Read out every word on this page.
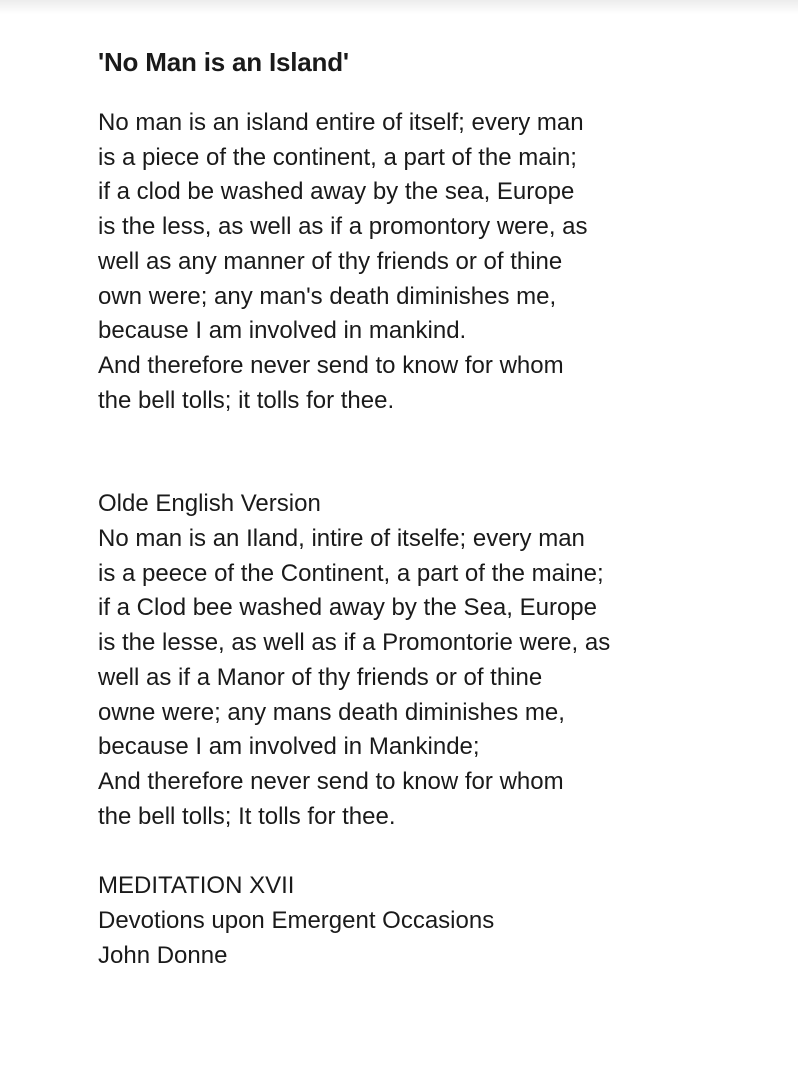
'No Man is an Island'
No man is an island entire of itself; every man
is a piece of the continent, a part of the main;
if a clod be washed away by the sea, Europe
is the less, as well as if a promontory were, as
well as any manner of thy friends or of thine
own were; any man's death diminishes me,
because I am involved in mankind.
And therefore never send to know for whom
the bell tolls; it tolls for thee.
Olde English Version
No man is an Iland, intire of itselfe; every man
is a peece of the Continent, a part of the maine;
if a Clod bee washed away by the Sea, Europe
is the lesse, as well as if a Promontorie were, as
well as if a Manor of thy friends or of thine
owne were; any mans death diminishes me,
because I am involved in Mankinde;
And therefore never send to know for whom
the bell tolls; It tolls for thee.
MEDITATION XVII
Devotions upon Emergent Occasions
John Donne
